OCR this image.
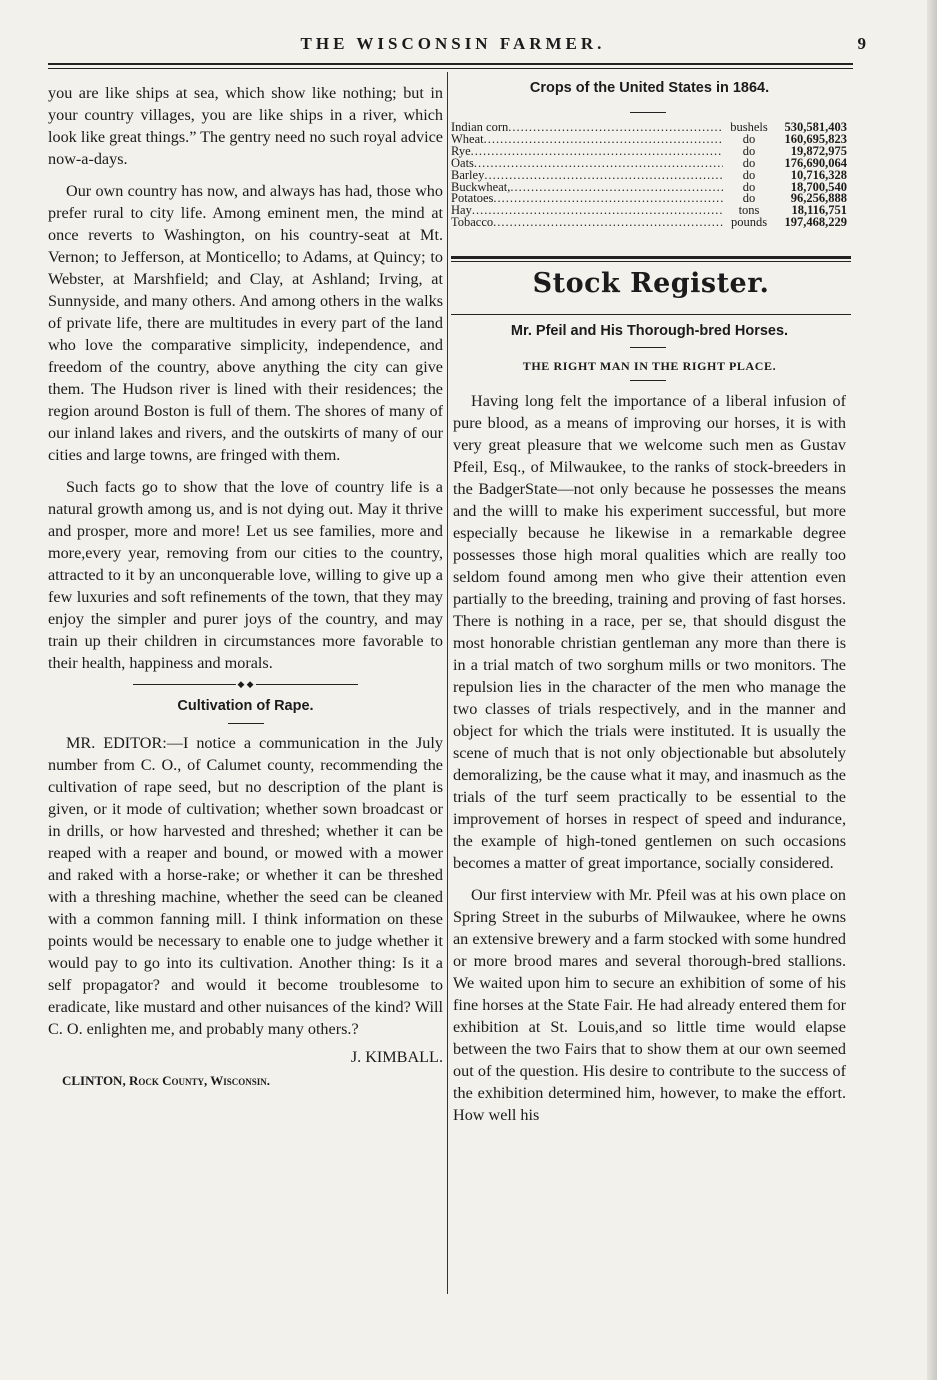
THE WISCONSIN FARMER.	9

you are like ships at sea, which show like nothing; but in your country villages, you are like ships in a river, which look like great things.” The gentry need no such royal advice now-a-days.

Our own country has now, and always has had, those who prefer rural to city life. Among eminent men, the mind at once reverts to Washington, on his country-seat at Mt. Vernon; to Jefferson, at Monticello; to Adams, at Quincy; to Webster, at Marshfield; and Clay, at Ashland; Irving, at Sunnyside, and many others. And among others in the walks of private life, there are multitudes in every part of the land who love the comparative simplicity, independence, and freedom of the country, above anything the city can give them. The Hudson river is lined with their residences; the region around Boston is full of them. The shores of many of our inland lakes and rivers, and the outskirts of many of our cities and large towns, are fringed with them.

Such facts go to show that the love of country life is a natural growth among us, and is not dying out. May it thrive and prosper, more and more! Let us see families, more and more,every year, removing from our cities to the country, attracted to it by an unconquerable love, willing to give up a few luxuries and soft refinements of the town, that they may enjoy the simpler and purer joys of the country, and may train up their children in circumstances more favorable to their health, happiness and morals.

◆ ◆
Cultivation of Rape.

MR. EDITOR:—I notice a communication in the July number from C. O., of Calumet county, recommending the cultivation of rape seed, but no description of the plant is given, or it mode of cultivation; whether sown broadcast or in drills, or how harvested and threshed; whether it can be reaped with a reaper and bound, or mowed with a mower and raked with a horse-rake; or whether it can be threshed with a threshing machine, whether the seed can be cleaned with a common fanning mill. I think information on these points would be necessary to enable one to judge whether it would pay to go into its cultivation. Another thing: Is it a self propagator? and would it become troublesome to eradicate, like mustard and other nuisances of the kind? Will C. O. enlighten me, and probably many others.?

J. KIMBALL.

CLINTON, Rock County, Wisconsin.

Crops of the United States in 1864.
Indian corn .....	bushels	530,581,403
Wheat .....	do	160,695,823
Rye .....	do	19,872,975
Oats .....	do	176,690,064
Barley .....	do	10,716,328
Buckwheat, .....	do	18,700,540
Potatoes .....	do	96,256,888
Hay .....	tons	18,116,751
Tobacco .....	pounds	197,468,229
Stock Register.
Mr. Pfeil and His Thorough-bred Horses.
THE RIGHT MAN IN THE RIGHT PLACE.

Having long felt the importance of a liberal infusion of pure blood, as a means of improving our horses, it is with very great pleasure that we welcome such men as Gustav Pfeil, Esq., of Milwaukee, to the ranks of stock-breeders in the BadgerState—not only because he possesses the means and the willl to make his experiment successful, but more especially because he likewise in a remarkable degree possesses those high moral qualities which are really too seldom found among men who give their attention even partially to the breeding, training and proving of fast horses. There is nothing in a race, per se, that should disgust the most honorable christian gentleman any more than there is in a trial match of two sorghum mills or two monitors. The repulsion lies in the character of the men who manage the two classes of trials respectively, and in the manner and object for which the trials were instituted. It is usually the scene of much that is not only objectionable but absolutely demoralizing, be the cause what it may, and inasmuch as the trials of the turf seem practically to be essential to the improvement of horses in respect of speed and indurance, the example of high-toned gentlemen on such occasions becomes a matter of great importance, socially considered.

Our first interview with Mr. Pfeil was at his own place on Spring Street in the suburbs of Milwaukee, where he owns an extensive brewery and a farm stocked with some hundred or more brood mares and several thorough-bred stallions. We waited upon him to secure an exhibition of some of his fine horses at the State Fair. He had already entered them for exhibition at St. Louis,and so little time would elapse between the two Fairs that to show them at our own seemed out of the question. His desire to contribute to the success of the exhibition determined him, however, to make the effort. How well his
